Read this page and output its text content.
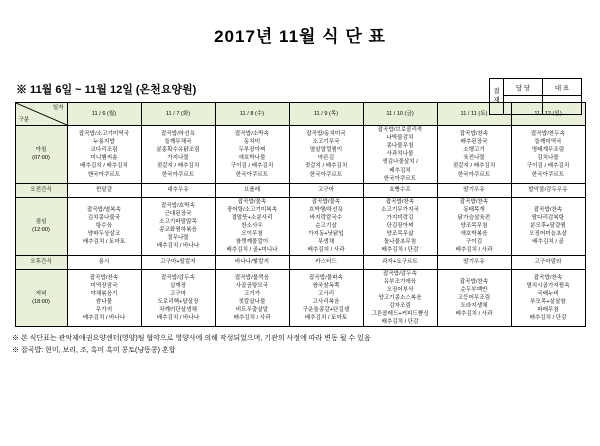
2017년 11월 식 단 표
결
재	담 당	대 표

※ 11월 6일 ~ 11월 12일 (온천요양원)
일자
구분	11 / 6 (월)	11 / 7 (화)	11 / 8 (수)	11 / 9 (목)	11 / 10 (금)	11 / 11 (토)	11 / 12 (일)
아침
(07:00)	잡곡밥/소고기미역국
누룽지밥
코다리조림
미니햄씨솜
배추김치 / 배추김치
핸국아쿠르트	잡곡밥/하선욕
들깨무채국
분홍확수유닭조림
가지나물
젓갈지 / 배추김치
한국아쿠르트	잡곡밥/소박속
동치미
두부장아찌
애호박나물
구이김 / 배추김치
한국아쿠르트	잡곡밥/동치미국
소고기무국
멸살말껄찜이
마른김
젓갈지 / 배추김치
한국아쿠르트	잡곡밥/브로콜리죽
나박물감치
콩나물무침
사과치나물
생김나물살치 /
배추김치
한국아쿠르트	잡곡밥/찬속
배추된장국
소행고기
육전나물
젓갈지 / 배추김치
한국아쿠르트	잡곡밥/찬두속
들깨미역국
명태계무조림
김치나물
구이김 / 배추김치
한국아쿠르트
오전간식	찐달걀	대추우유	요플레	고구마	호빵수프	딸기우유	발악물/감두우유
점심
(12:00)	잡곡밥/멸복속
김치콩나물국
탕수육
양파두상살코
배추김치 / 토마토	잡곡밥/호박속
근대된장국
소고기파말많목
콩코화찜하볶음
절무나물
배추김치 / 바나나	잡곡밥/물속
장어탕/소고기미복속
결말뜻+소분사리
찬소사우
오이무침
참깻께물깔이
배추김치 / 골+미니나	잡곡밥/물속
흐박행/하선욕
바지락칼국수
순고기살
가지동+낫닭잎
무생채
배추김치 / 사과	잡곡밥/찬속
소고기무가지국
가지미락김
단김장아찌
양조목무삶
돌나물초무침
배추김치 / 단감	잡곡밥/찬속
동태목개
닭가슴살육전
양조목무침
애호박볶음
구이김
배추김치 / 사과	잡곡밥/찬속
딸다리감복탕
분모후+달걀찜
오징어미늘초살
배추김치 / 골
오후간식	롱시	고구마+딸칼지	바나나/핳칼지	카스터드	과자+요구르트	딸기우유	고구마말라
저녁
(18:00)	잡곡밥/찬속
미역장잠국
야채볶음기
쌈나물
무가지
배추김치 / 바나나	잡곡밥/감두속
실깨장
고구마
도로리핵+달살장
차깨러단살생채
배추김치 / 바나나	잡곡밥/물꺽음
사골곰탕모국
고기가
젓칼살나물
비트무춤살알
배추김치 / 사과	잡곡밥/물파속
쌍국찰독쪽
고사리
고사리복음
구운돌콩갈+단길샐
배추김치 / 토마토	잡곡밥/감두속
유부조기애육
오징어부삭
양고기콩소스복음
감자조림
그른콜레드+커피드뿜싱
배추김치 / 단감	잡곡밥/찬속
순두부백반
고등어무조림
도라지생채
배추김치 / 사과	잡곡밥/찬속
멸치시골가지찜속
국배누비
부모목+살살참
파래무침
배추김치 / 단감
※ 본 식단표는 관악제애권요양센터(영양)팀 협약으로 영양사에 의해 작성되었으며, 기관의 사정에 따라 변동 될 수 있음
※ 잡곡밥: 현미, 보리, 조, 흑미 흑미 콩토(냥똥콩) 혼합
